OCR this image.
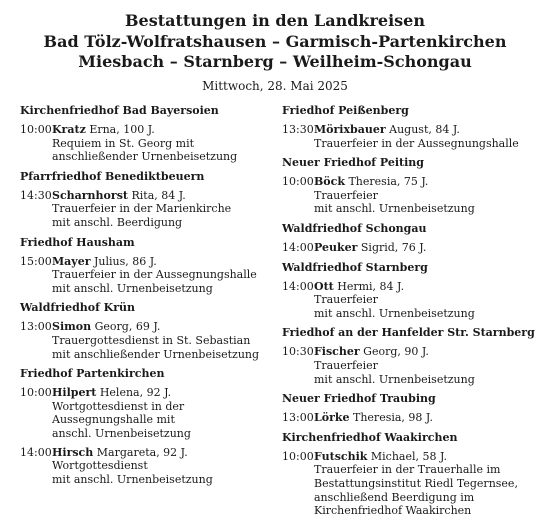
Bestattungen in den Landkreisen
Bad Tölz-Wolfratshausen – Garmisch-Partenkirchen
Miesbach – Starnberg – Weilheim-Schongau
Mittwoch, 28. Mai 2025
Kirchenfriedhof Bad Bayersoien
10:00 Kratz Erna, 100 J.
Requiem in St. Georg mit
anschließender Urnenbeisetzung
Pfarrfriedhof Benediktbeuern
14:30 Scharnhorst Rita, 84 J.
Trauerfeier in der Marienkirche
mit anschl. Beerdigung
Friedhof Hausham
15:00 Mayer Julius, 86 J.
Trauerfeier in der Aussegnungshalle
mit anschl. Urnenbeisetzung
Waldfriedhof Krün
13:00 Simon Georg, 69 J.
Trauergottesdienst in St. Sebastian
mit anschließender Urnenbeisetzung
Friedhof Partenkirchen
10:00 Hilpert Helena, 92 J.
Wortgottesdienst in der
Aussegnungshalle mit
anschl. Urnenbeisetzung
14:00 Hirsch Margareta, 92 J.
Wortgottesdienst
mit anschl. Urnenbeisetzung
Friedhof Peißenberg
13:30 Mörixbauer August, 84 J.
Trauerfeier in der Aussegnungshalle
Neuer Friedhof Peiting
10:00 Böck Theresia, 75 J.
Trauerfeier
mit anschl. Urnenbeisetzung
Waldfriedhof Schongau
14:00 Peuker Sigrid, 76 J.
Waldfriedhof Starnberg
14:00 Ott Hermi, 84 J.
Trauerfeier
mit anschl. Urnenbeisetzung
Friedhof an der Hanfelder Str. Starnberg
10:30 Fischer Georg, 90 J.
Trauerfeier
mit anschl. Urnenbeisetzung
Neuer Friedhof Traubing
13:00 Lörke Theresia, 98 J.
Kirchenfriedhof Waakirchen
10:00 Futschik Michael, 58 J.
Trauerfeier in der Trauerhalle im
Bestattungsinstitut Riedl Tegernsee,
anschließend Beerdigung im
Kirchenfriedhof Waakirchen
